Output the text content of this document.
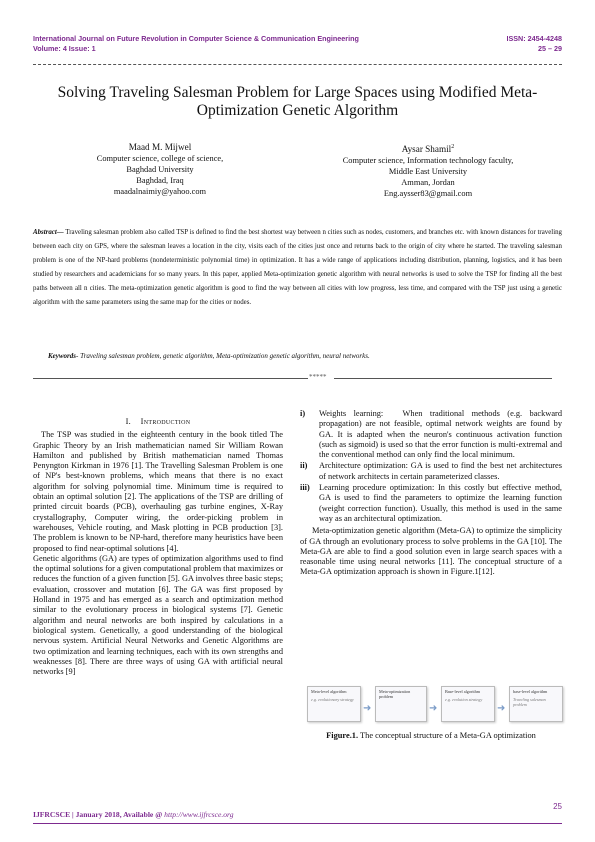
International Journal on Future Revolution in Computer Science & Communication Engineering	ISSN: 2454-4248
Volume: 4 Issue: 1	25 – 29
Solving Traveling Salesman Problem for Large Spaces using Modified Meta-
Optimization Genetic Algorithm
Maad M. Mijwel
Computer science, college of science,
Baghdad University
Baghdad, Iraq
maadalnaimiy@yahoo.com
Aysar Shamil$^2$
Computer science, Information technology faculty,
Middle East University
Amman, Jordan
Eng.aysser83@gmail.com
Abstract— Traveling salesman problem also called TSP is defined to find the best shortest way between n cities such as nodes, customers, and branches etc. with known distances for traveling between each city on GPS, where the salesman leaves a location in the city, visits each of the cities just once and returns back to the origin of city where he started. The traveling salesman problem is one of the NP-hard problems (nondeterministic polynomial time) in optimization. It has a wide range of applications including distribution, planning, logistics, and it has been studied by researchers and academicians for so many years. In this paper, applied Meta-optimization genetic algorithm with neural networks is used to solve the TSP for finding all the best paths between all n cities. The meta-optimization genetic algorithm is good to find the way between all cities with low progress, less time, and compared with the TSP just using a genetic algorithm with the same parameters using the same map for the cities or nodes.
Keywords- Traveling salesman problem, genetic algorithm, Meta-optimization genetic algorithm, neural networks.
*****
I. Introduction

The TSP was studied in the eighteenth century in the book titled The Graphic Theory by an Irish mathematician named Sir William Rowan Hamilton and published by British mathematician named Thomas Penyngton Kirkman in 1976 [1]. The Travelling Salesman Problem is one of NP's best-known problems, which means that there is no exact algorithm for solving polynomial time. Minimum time is required to obtain an optimal solution [2]. The applications of the TSP are drilling of printed circuit boards (PCB), overhauling gas turbine engines, X-Ray crystallography, Computer wiring, the order-picking problem in warehouses, Vehicle routing, and Mask plotting in PCB production [3]. The problem is known to be NP-hard, therefore many heuristics have been proposed to find near-optimal solutions [4].

Genetic algorithms (GA) are types of optimization algorithms used to find the optimal solutions for a given computational problem that maximizes or reduces the function of a given function [5]. GA involves three basic steps; evaluation, crossover and mutation [6]. The GA was first proposed by Holland in 1975 and has emerged as a search and optimization method similar to the evolutionary process in biological systems [7]. Genetic algorithm and neural networks are both inspired by calculations in a biological system. Genetically, a good understanding of the biological nervous system. Artificial Neural Networks and Genetic Algorithms are two optimization and learning techniques, each with its own strengths and weaknesses [8]. There are three ways of using GA with artificial neural networks [9]

i) Weights learning: When traditional methods (e.g. backward propagation) are not feasible, optimal network weights are found by GA. It is adapted when the neuron's continuous activation function (such as sigmoid) is used so that the error function is multi-extremal and the conventional method can only find the local minimum.
ii) Architecture optimization: GA is used to find the best net architectures of network architects in certain parameterized classes.
iii) Learning procedure optimization: In this costly but effective method, GA is used to find the parameters to optimize the learning function (weight correction function). Usually, this method is used in the same way as an architectural optimization.

Meta-optimization genetic algorithm (Meta-GA) to optimize the simplicity of GA through an evolutionary process to solve problems in the GA [10]. The Meta-GA are able to find a good solution even in large search spaces with a reasonable time using neural networks [11]. The conceptual structure of a Meta-GA optimization approach is shown in Figure.1[12].

Meta-level algorithm
e.g. evolutionary strategy
➜
Meta-optimization problem
➜
Base-level algorithm
e.g. evolution strategy
➜
base-level algorithm
Traveling salesman problem
Figure.1. The conceptual structure of a Meta-GA optimization
25
IJFRCSCE | January 2018, Available @ http://www.ijfrcsce.org
